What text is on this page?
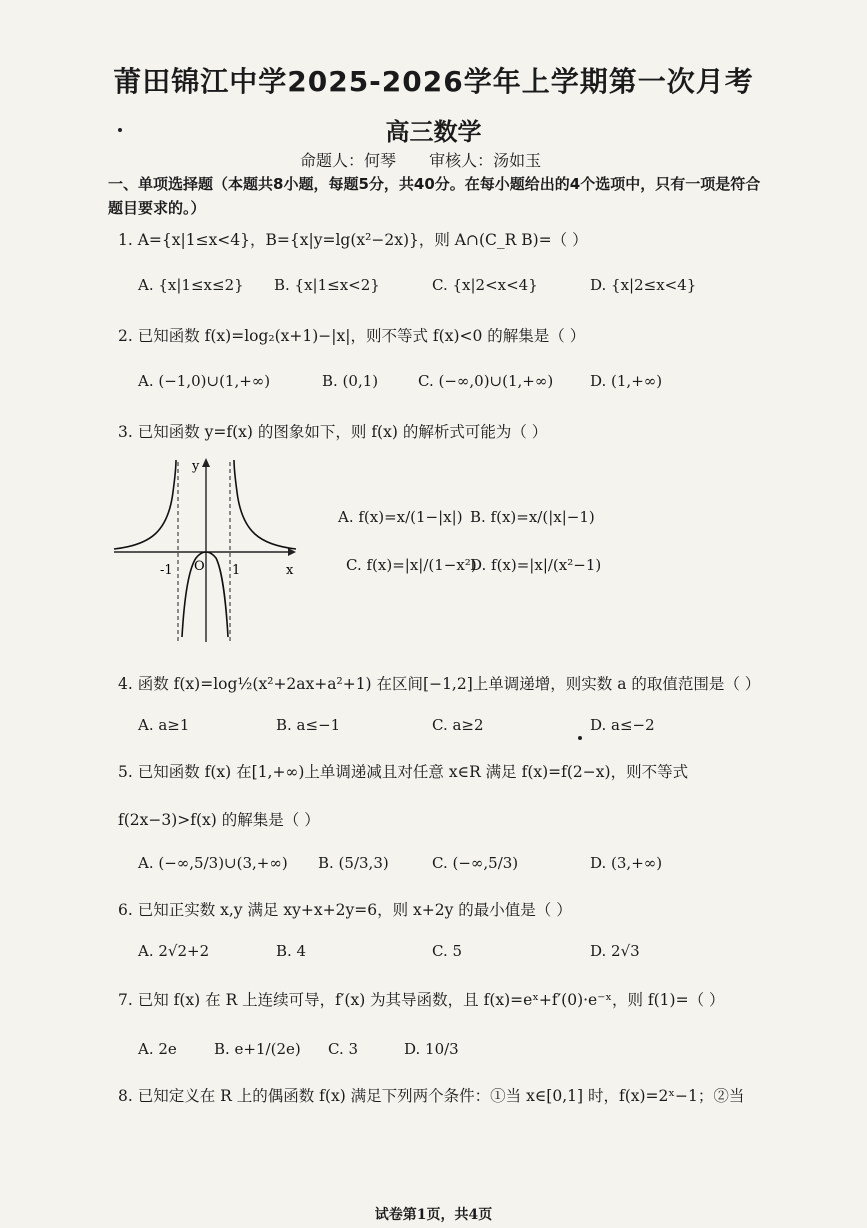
莆田锦江中学2025-2026学年上学期第一次月考
高三数学
命题人：何琴 审核人：汤如玉
一、单项选择题（本题共8小题，每题5分，共40分。在每小题给出的4个选项中，只有一项是符合题目要求的。）
1. A={x|1≤x<4}，B={x|y=lg(x²−2x)}，则 A∩(C_R B)=（ ）
A. {x|1≤x≤2} B. {x|1≤x<2}	C. {x|2<x<4}	D. {x|2≤x<4}
2. 已知函数 f(x)=log₂(x+1)−|x|，则不等式 f(x)<0 的解集是（ ）
A. (−1,0)∪(1,+∞)	B. (0,1)	C. (−∞,0)∪(1,+∞) D. (1,+∞)
3. 已知函数 y=f(x) 的图象如下，则 f(x) 的解析式可能为（ ）
y
x
O
-1	1
A. f(x)=x/(1−|x|) B. f(x)=x/(|x|−1)
C. f(x)=|x|/(1−x²)
D. f(x)=|x|/(x²−1)
4. 函数 f(x)=log½(x²+2ax+a²+1) 在区间[−1,2]上单调递增，则实数 a 的取值范围是（ ）
A. a≥1	B. a≤−1	C. a≥2	D. a≤−2
5. 已知函数 f(x) 在[1,+∞)上单调递减且对任意 x∈R 满足 f(x)=f(2−x)，则不等式
f(2x−3)>f(x) 的解集是（ ）
A. (−∞,5/3)∪(3,+∞) B. (5/3,3)	C. (−∞,5/3)	D. (3,+∞)
6. 已知正实数 x,y 满足 xy+x+2y=6，则 x+2y 的最小值是（ ）
A. 2√2+2	B. 4	C. 5	D. 2√3
7. 已知 f(x) 在 R 上连续可导，f′(x) 为其导函数，且 f(x)=eˣ+f′(0)·e⁻ˣ，则 f(1)=（ ）
A. 2e B. e+1/(2e) C. 3	D. 10/3
8. 已知定义在 R 上的偶函数 f(x) 满足下列两个条件：①当 x∈[0,1] 时，f(x)=2ˣ−1；②当
试卷第1页，共4页
